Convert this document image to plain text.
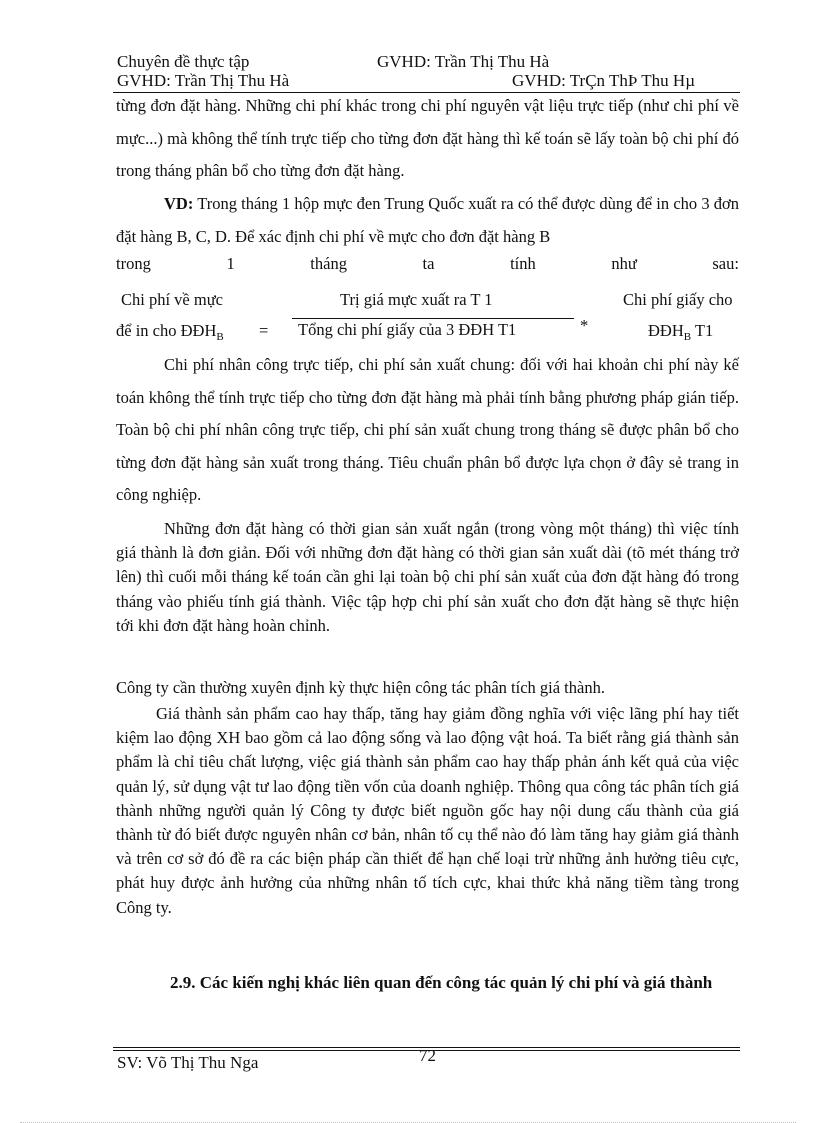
Chuyên đề thực tập	GVHD: Trần Thị Thu Hà
GVHD: Trần Thị Thu Hà	GVHD: TrÇn ThÞ Thu Hµ
từng đơn đặt hàng. Những chi phí khác trong chi phí nguyên vật liệu trực tiếp (như chi phí về mực...) mà không thể tính trực tiếp cho từng đơn đặt hàng thì kế toán sẽ lấy toàn bộ chi phí đó trong tháng phân bổ cho từng đơn đặt hàng.
VD: Trong tháng 1 hộp mực đen Trung Quốc xuất ra có thể được dùng để in cho 3 đơn đặt hàng B, C, D. Để xác định chi phí về mực cho đơn đặt hàng B
trong	1	tháng	ta	tính	như	sau:
Chi phí về mực
để in cho $ĐĐH_B$ =
Trị giá mực xuất ra T 1
Tổng chi phí giấy của 3 ĐĐH T1	*
Chi phí giấy cho
$ĐĐH_B$ T1
Chi phí nhân công trực tiếp, chi phí sản xuất chung: đối với hai khoản chi phí này kế toán không thể tính trực tiếp cho từng đơn đặt hàng mà phải tính bằng phương pháp gián tiếp. Toàn bộ chi phí nhân công trực tiếp, chi phí sản xuất chung trong tháng sẽ được phân bổ cho từng đơn đặt hàng sản xuất trong tháng. Tiêu chuẩn phân bổ được lựa chọn ở đây sẻ trang in công nghiệp.
Những đơn đặt hàng có thời gian sản xuất ngắn (trong vòng một tháng) thì việc tính giá thành là đơn giản. Đối với những đơn đặt hàng có thời gian sản xuất dài (tõ mét tháng trở lên) thì cuối mỗi tháng kế toán cần ghi lại toàn bộ chi phí sản xuất của đơn đặt hàng đó trong tháng vào phiếu tính giá thành. Việc tập hợp chi phí sản xuất cho đơn đặt hàng sẽ thực hiện tới khi đơn đặt hàng hoàn chỉnh.
Công ty cần thường xuyên định kỳ thực hiện công tác phân tích giá thành.
Giá thành sản phẩm cao hay thấp, tăng hay giảm đồng nghĩa với việc lãng phí hay tiết kiệm lao động XH bao gồm cả lao động sống và lao động vật hoá. Ta biết rằng giá thành sản phẩm là chỉ tiêu chất lượng, việc giá thành sản phẩm cao hay thấp phản ánh kết quả của việc quản lý, sử dụng vật tư lao động tiền vốn của doanh nghiệp. Thông qua công tác phân tích giá thành những người quản lý Công ty được biết nguồn gốc hay nội dung cấu thành của giá thành từ đó biết được nguyên nhân cơ bản, nhân tố cụ thể nào đó làm tăng hay giảm giá thành và trên cơ sở đó đề ra các biện pháp cần thiết để hạn chế loại trừ những ảnh hưởng tiêu cực, phát huy được ảnh hưởng của những nhân tố tích cực, khai thức khả năng tiềm tàng trong Công ty.
2.9. Các kiến nghị khác liên quan đến công tác quản lý chi phí và giá thành
SV: Võ Thị Thu Nga	72
